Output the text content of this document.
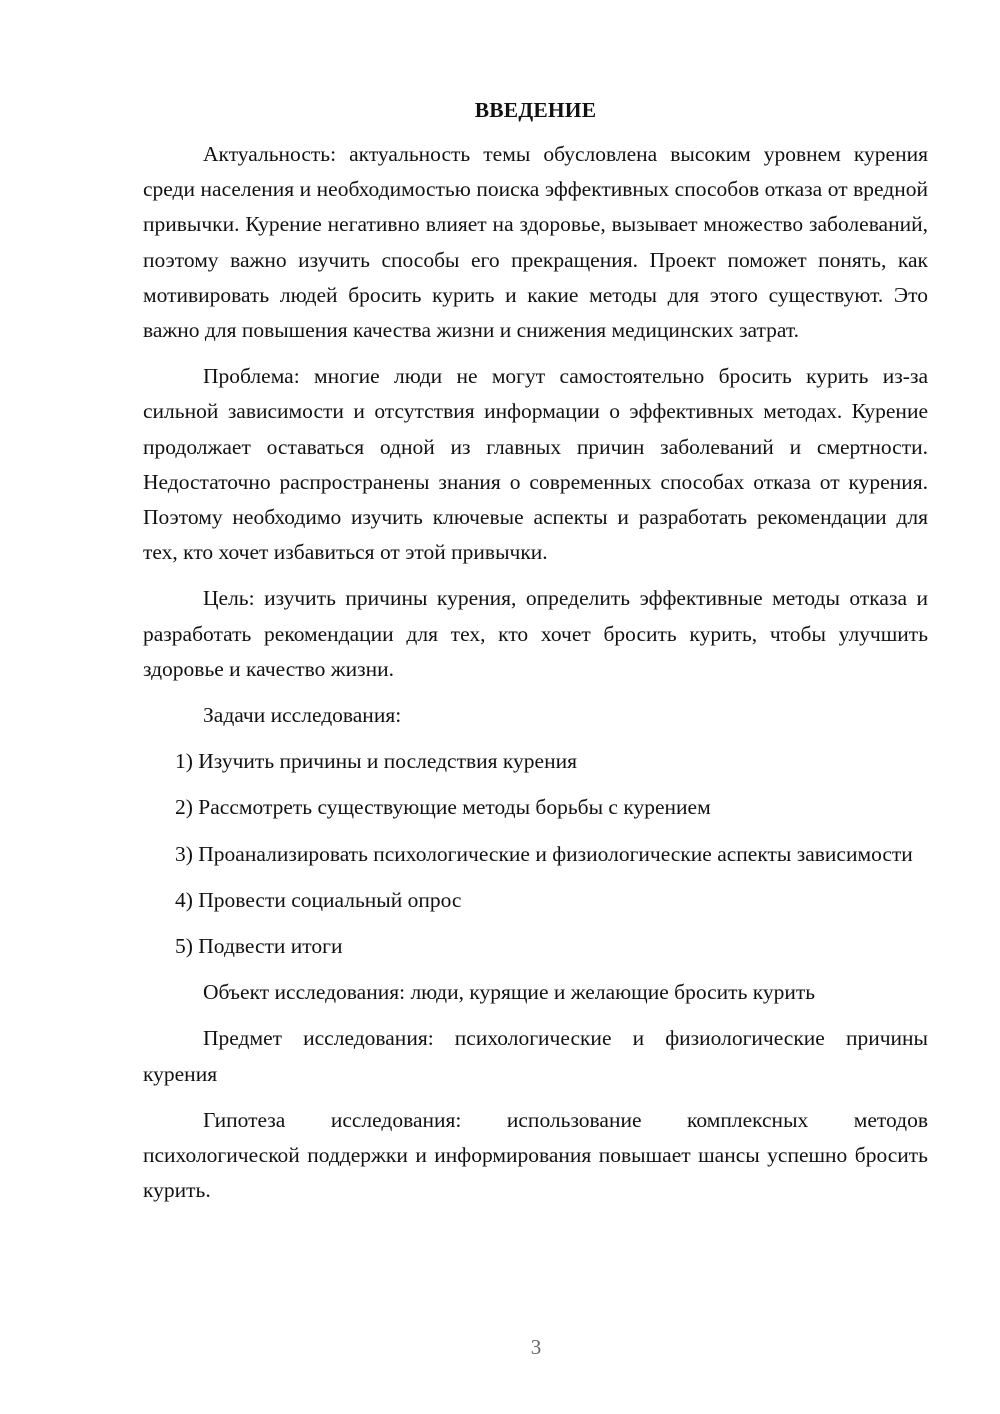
ВВЕДЕНИЕ

Актуальность: актуальность темы обусловлена высоким уровнем курения среди населения и необходимостью поиска эффективных способов отказа от вредной привычки. Курение негативно влияет на здоровье, вызывает множество заболеваний, поэтому важно изучить способы его прекращения. Проект поможет понять, как мотивировать людей бросить курить и какие методы для этого существуют. Это важно для повышения качества жизни и снижения медицинских затрат.

Проблема: многие люди не могут самостоятельно бросить курить из-за сильной зависимости и отсутствия информации о эффективных методах. Курение продолжает оставаться одной из главных причин заболеваний и смертности. Недостаточно распространены знания о современных способах отказа от курения. Поэтому необходимо изучить ключевые аспекты и разработать рекомендации для тех, кто хочет избавиться от этой привычки.

Цель: изучить причины курения, определить эффективные методы отказа и разработать рекомендации для тех, кто хочет бросить курить, чтобы улучшить здоровье и качество жизни.

Задачи исследования:

1) Изучить причины и последствия курения

2) Рассмотреть существующие методы борьбы с курением

3) Проанализировать психологические и физиологические аспекты зависимости

4) Провести социальный опрос

5) Подвести итоги

Объект исследования: люди, курящие и желающие бросить курить

Предмет исследования: психологические и физиологические причины курения

Гипотеза исследования: использование комплексных методов психологической поддержки и информирования повышает шансы успешно бросить курить.

3
